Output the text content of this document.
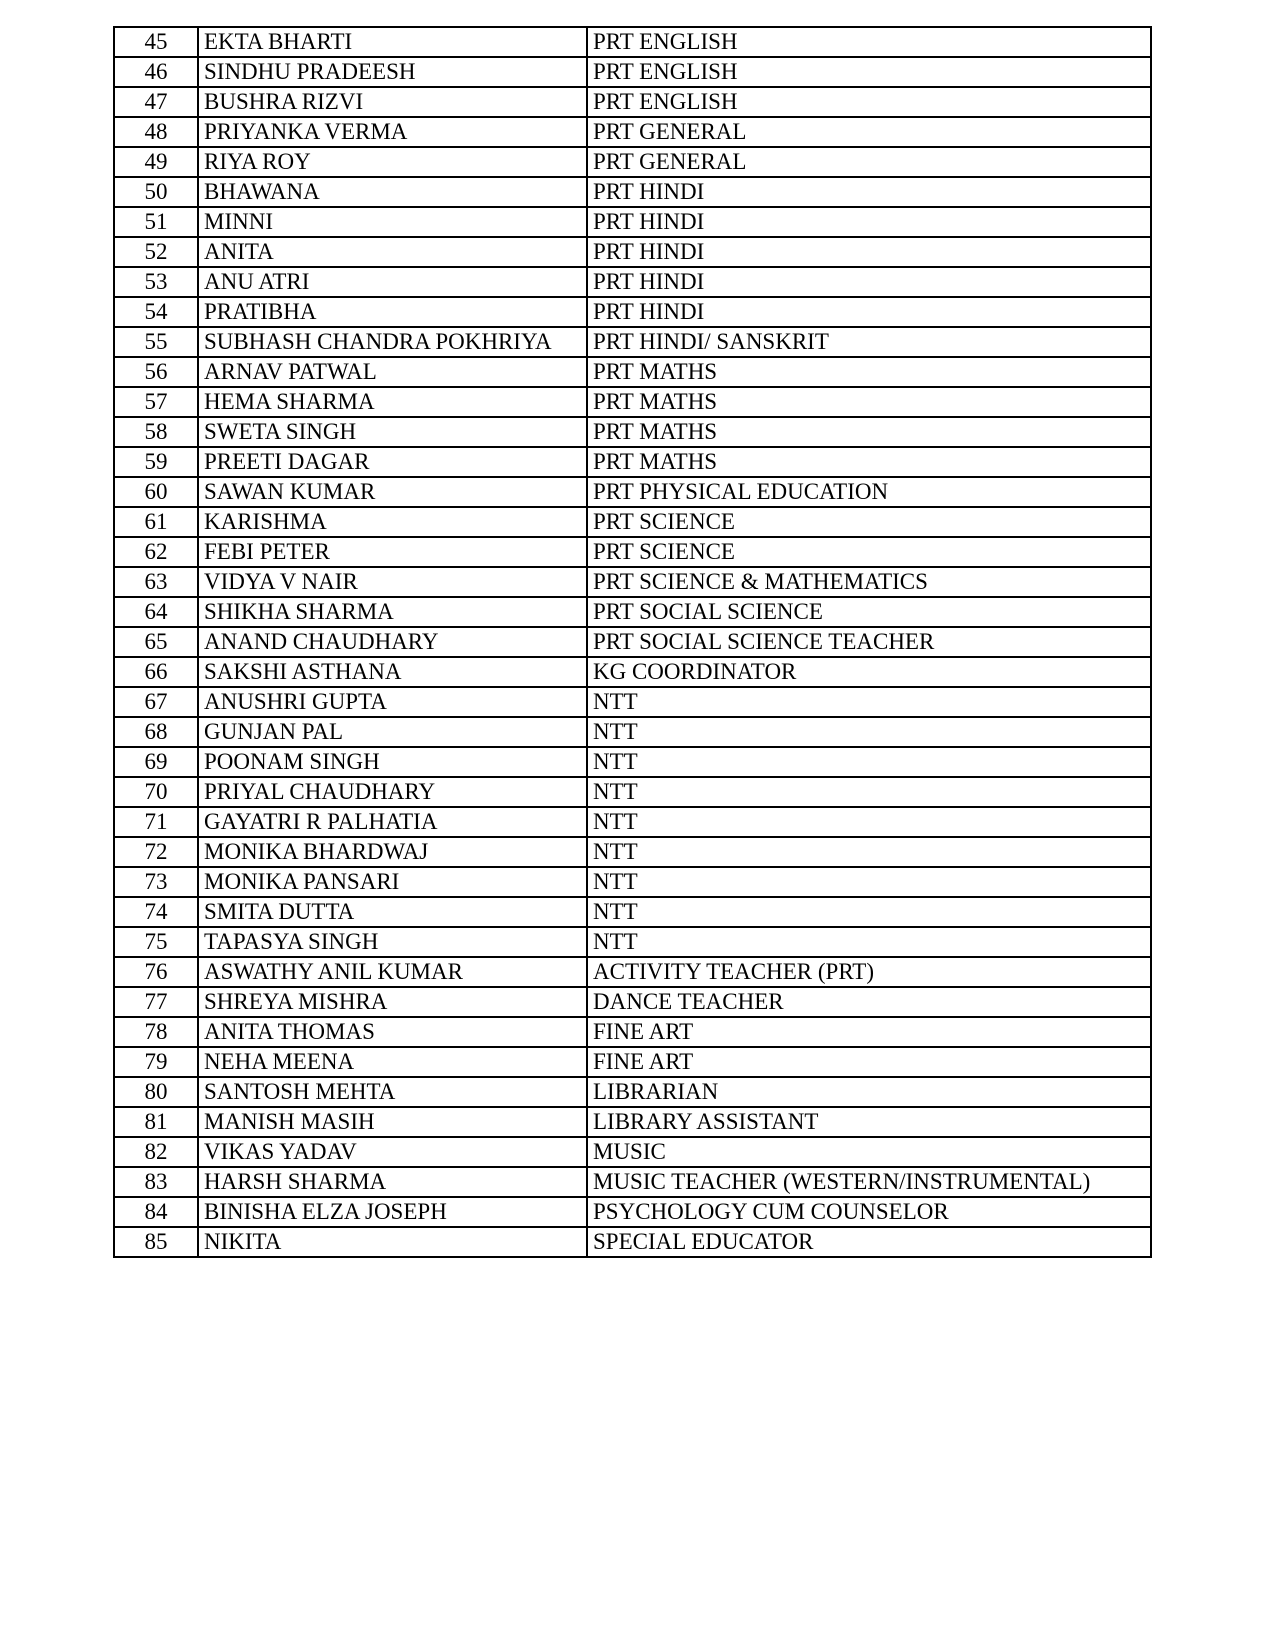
45	EKTA BHARTI	PRT ENGLISH
46	SINDHU PRADEESH	PRT ENGLISH
47	BUSHRA RIZVI	PRT ENGLISH
48	PRIYANKA VERMA	PRT GENERAL
49	RIYA ROY	PRT GENERAL
50	BHAWANA	PRT HINDI
51	MINNI	PRT HINDI
52	ANITA	PRT HINDI
53	ANU ATRI	PRT HINDI
54	PRATIBHA	PRT HINDI
55	SUBHASH CHANDRA POKHRIYA	PRT HINDI/ SANSKRIT
56	ARNAV PATWAL	PRT MATHS
57	HEMA SHARMA	PRT MATHS
58	SWETA SINGH	PRT MATHS
59	PREETI DAGAR	PRT MATHS
60	SAWAN KUMAR	PRT PHYSICAL EDUCATION
61	KARISHMA	PRT SCIENCE
62	FEBI PETER	PRT SCIENCE
63	VIDYA V NAIR	PRT SCIENCE & MATHEMATICS
64	SHIKHA SHARMA	PRT SOCIAL SCIENCE
65	ANAND CHAUDHARY	PRT SOCIAL SCIENCE TEACHER
66	SAKSHI ASTHANA	KG COORDINATOR
67	ANUSHRI GUPTA	NTT
68	GUNJAN PAL	NTT
69	POONAM SINGH	NTT
70	PRIYAL CHAUDHARY	NTT
71	GAYATRI R PALHATIA	NTT
72	MONIKA BHARDWAJ	NTT
73	MONIKA PANSARI	NTT
74	SMITA DUTTA	NTT
75	TAPASYA SINGH	NTT
76	ASWATHY ANIL KUMAR	ACTIVITY TEACHER (PRT)
77	SHREYA MISHRA	DANCE TEACHER
78	ANITA THOMAS	FINE ART
79	NEHA MEENA	FINE ART
80	SANTOSH MEHTA	LIBRARIAN
81	MANISH MASIH	LIBRARY ASSISTANT
82	VIKAS YADAV	MUSIC
83	HARSH SHARMA	MUSIC TEACHER (WESTERN/INSTRUMENTAL)
84	BINISHA ELZA JOSEPH	PSYCHOLOGY CUM COUNSELOR
85	NIKITA	SPECIAL EDUCATOR
